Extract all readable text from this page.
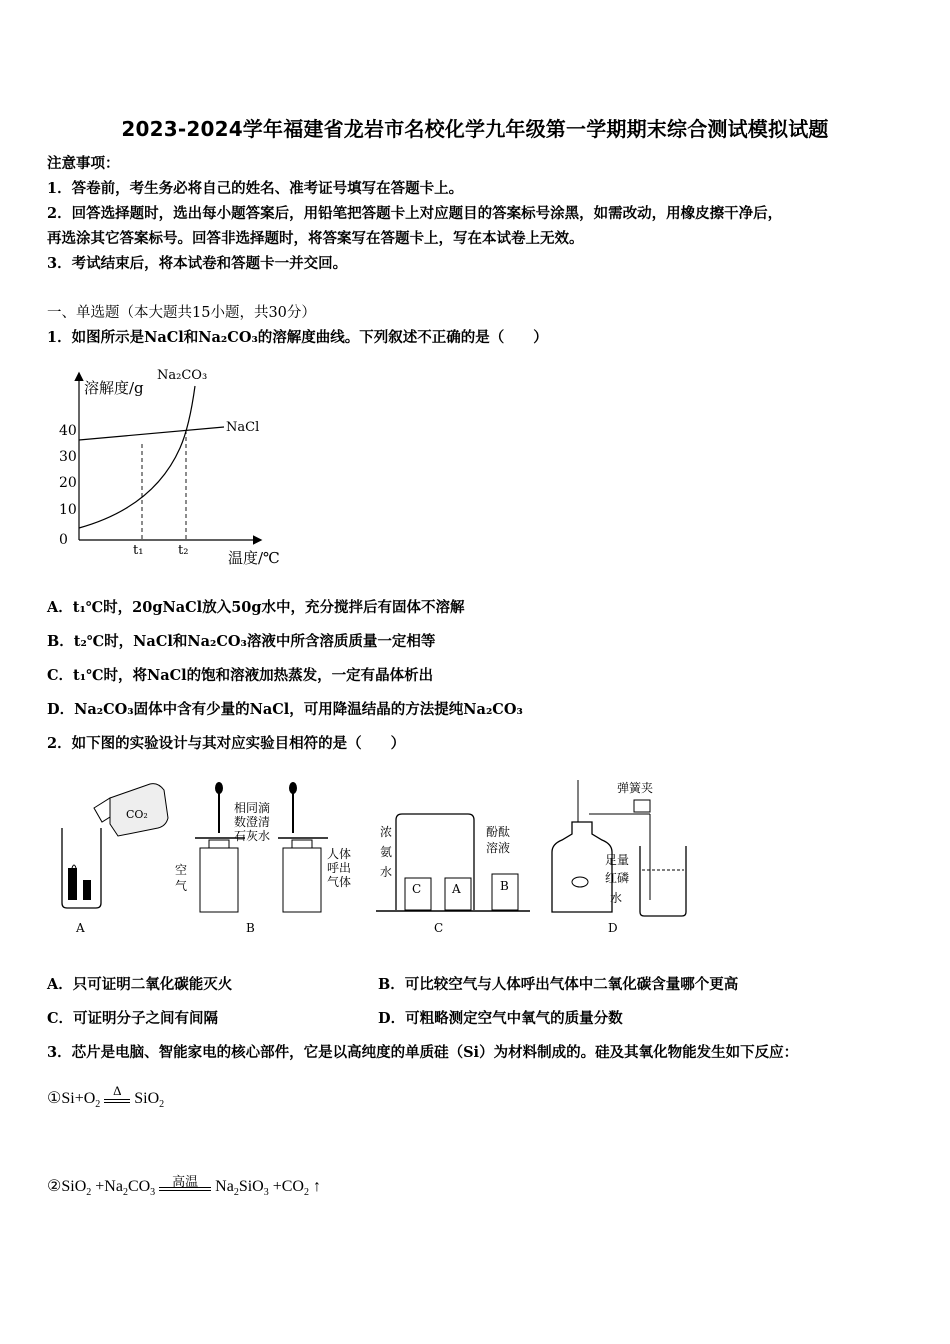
2023-2024学年福建省龙岩市名校化学九年级第一学期期末综合测试模拟试题
注意事项：
1．答卷前，考生务必将自己的姓名、准考证号填写在答题卡上。
2．回答选择题时，选出每小题答案后，用铅笔把答题卡上对应题目的答案标号涂黑，如需改动，用橡皮擦干净后，
再选涂其它答案标号。回答非选择题时，将答案写在答题卡上，写在本试卷上无效。
3．考试结束后，将本试卷和答题卡一并交回。
一、单选题（本大题共15小题，共30分）
1．如图所示是NaCl和Na₂CO₃的溶解度曲线。下列叙述不正确的是（　　）
溶解度/g
温度/℃
0
10
20
30
40
t₁	t₂
Na₂CO₃
NaCl
A．t₁℃时，20gNaCl放入50g水中，充分搅拌后有固体不溶解
B．t₂℃时，NaCl和Na₂CO₃溶液中所含溶质质量一定相等
C．t₁℃时，将NaCl的饱和溶液加热蒸发，一定有晶体析出
D．Na₂CO₃固体中含有少量的NaCl，可用降温结晶的方法提纯Na₂CO₃
2．如下图的实验设计与其对应实验目相符的是（　　）
CO₂
A
相同滴
数澄清
石灰水
空
气
人体
呼出
气体
B
C	A	B
浓
氨
水
酚酞
溶液
C
弹簧夹
足量
红磷
水
D
A．只可证明二氧化碳能灭火	B．可比较空气与人体呼出气体中二氧化碳含量哪个更高
C．可证明分子之间有间隔	D．可粗略测定空气中氧气的质量分数
3．芯片是电脑、智能家电的核心部件，它是以高纯度的单质硅（Si）为材料制成的。硅及其氧化物能发生如下反应：
$①Si+O_2$
Δ SiO$_2$
②SiO$_2$ $+Na_2CO_3$
高温	$Na_2SiO_3 +CO_2$ ↑
